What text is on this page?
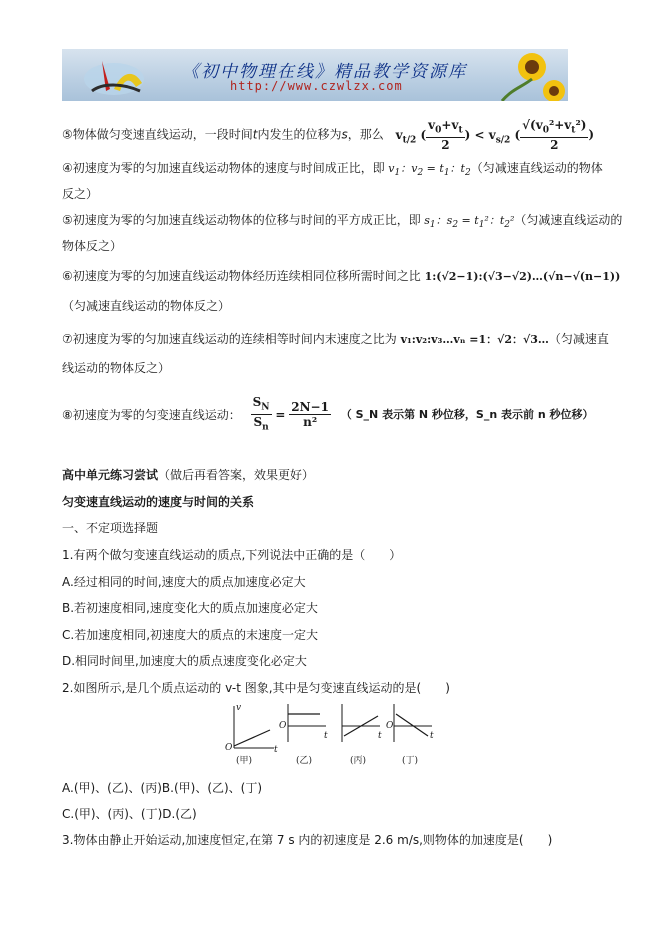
《初中物理在线》精品教学资源库
http://www.czwlzx.com
⑤物体做匀变速直线运动，一段时间t内发生的位移为s，那么 $v_{t/2}$ ( $\frac{v_0+v_t}{2}$ ) < $v_{s/2}$ ( $\frac{√(v_0^2+v_t^2)}{2}$ )
④初速度为零的匀加速直线运动物体的速度与时间成正比，即 $v_1$：$v_2 = t_1$：$t_2$（匀减速直线运动的物体
反之）
⑤初速度为零的匀加速直线运动物体的位移与时间的平方成正比，即 $s_1$：$s_2 = t_1^2$：$t_2^2$（匀减速直线运动的
物体反之）
⑥初速度为零的匀加速直线运动物体经历连续相同位移所需时间之比 1:(√2−1):(√3−√2)…(√n−√(n−1))
（匀减速直线运动的物体反之）
⑦初速度为零的匀加速直线运动的连续相等时间内末速度之比为 v₁:v₂:v₃…vₙ =1：√2：√3…（匀减速直
线运动的物体反之）
⑧初速度为零的匀变速直线运动： $\frac{S_N}{S_n} = \frac{2N-1}{\text{n²}}$ （ S_N 表示第 N 秒位移，S_n 表示前 n 秒位移）
高中单元练习尝试（做后再看答案，效果更好）
匀变速直线运动的速度与时间的关系
一、不定项选择题
1.有两个做匀变速直线运动的质点,下列说法中正确的是（　　）
A.经过相同的时间,速度大的质点加速度必定大
B.若初速度相同,速度变化大的质点加速度必定大
C.若加速度相同,初速度大的质点的末速度一定大
D.相同时间里,加速度大的质点速度变化必定大
2.如图所示,是几个质点运动的 v-t 图象,其中是匀变速直线运动的是(　　)
O
v
t
(甲)
O
t
(乙)
t
(丙)
O
t
(丁)
A.(甲)、(乙)、(丙)B.(甲)、(乙)、(丁)
C.(甲)、(丙)、(丁)D.(乙)
3.物体由静止开始运动,加速度恒定,在第 7 s 内的初速度是 2.6 m/s,则物体的加速度是(　　)
